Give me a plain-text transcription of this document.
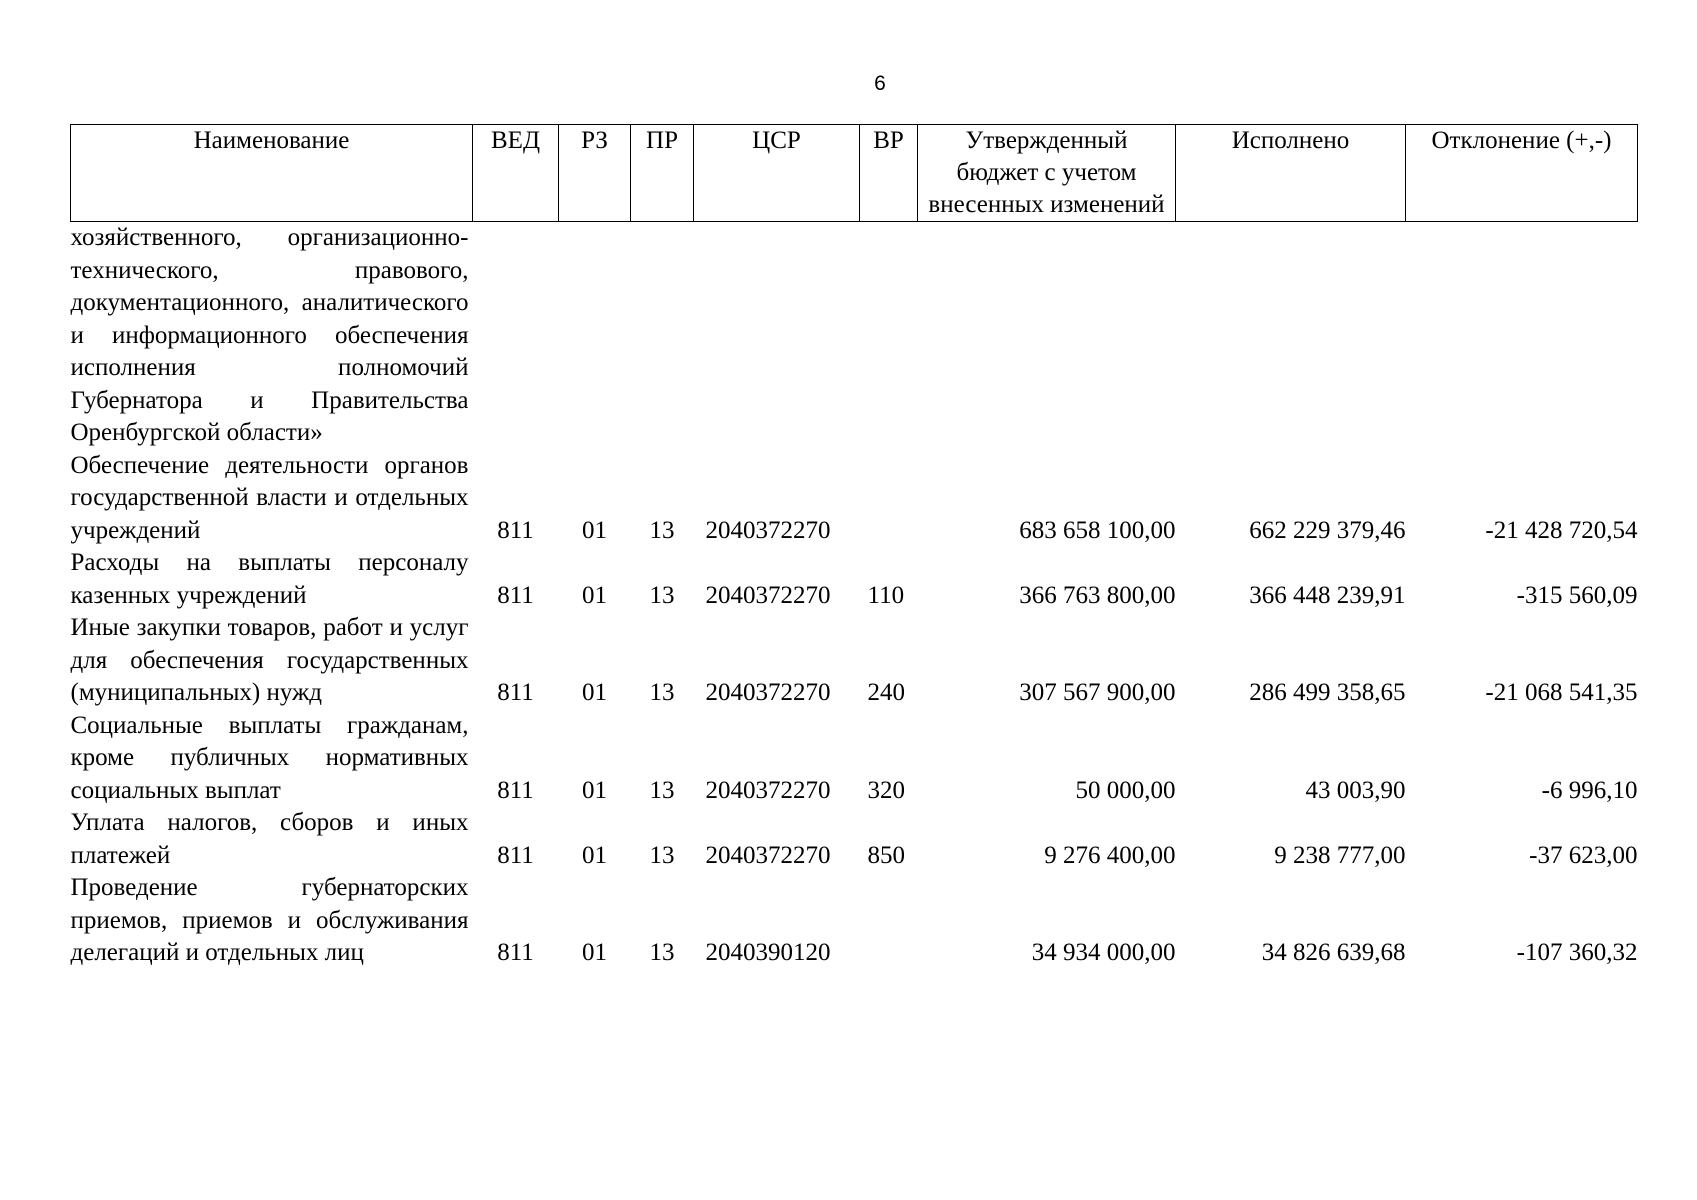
6
Наименование	ВЕД	РЗ	ПР	ЦСР	ВР	Утвержденный бюджет с учетом внесенных изменений	Исполнено	Отклонение (+,-)
хозяйственного, организационно-технического, правового, документационного, аналитического и информационного обеспечения исполнения полномочий Губернатора и Правительства Оренбургской области»								
Обеспечение деятельности органов государственной власти и отдельных учреждений	811	01	13	2040372270		683 658 100,00	662 229 379,46	-21 428 720,54
Расходы на выплаты персоналу казенных учреждений	811	01	13	2040372270	110	366 763 800,00	366 448 239,91	-315 560,09
Иные закупки товаров, работ и услуг для обеспечения государственных (муниципальных) нужд	811	01	13	2040372270	240	307 567 900,00	286 499 358,65	-21 068 541,35
Социальные выплаты гражданам, кроме публичных нормативных социальных выплат	811	01	13	2040372270	320	50 000,00	43 003,90	-6 996,10
Уплата налогов, сборов и иных платежей	811	01	13	2040372270	850	9 276 400,00	9 238 777,00	-37 623,00
Проведение губернаторских приемов, приемов и обслуживания делегаций и отдельных лиц	811	01	13	2040390120		34 934 000,00	34 826 639,68	-107 360,32
